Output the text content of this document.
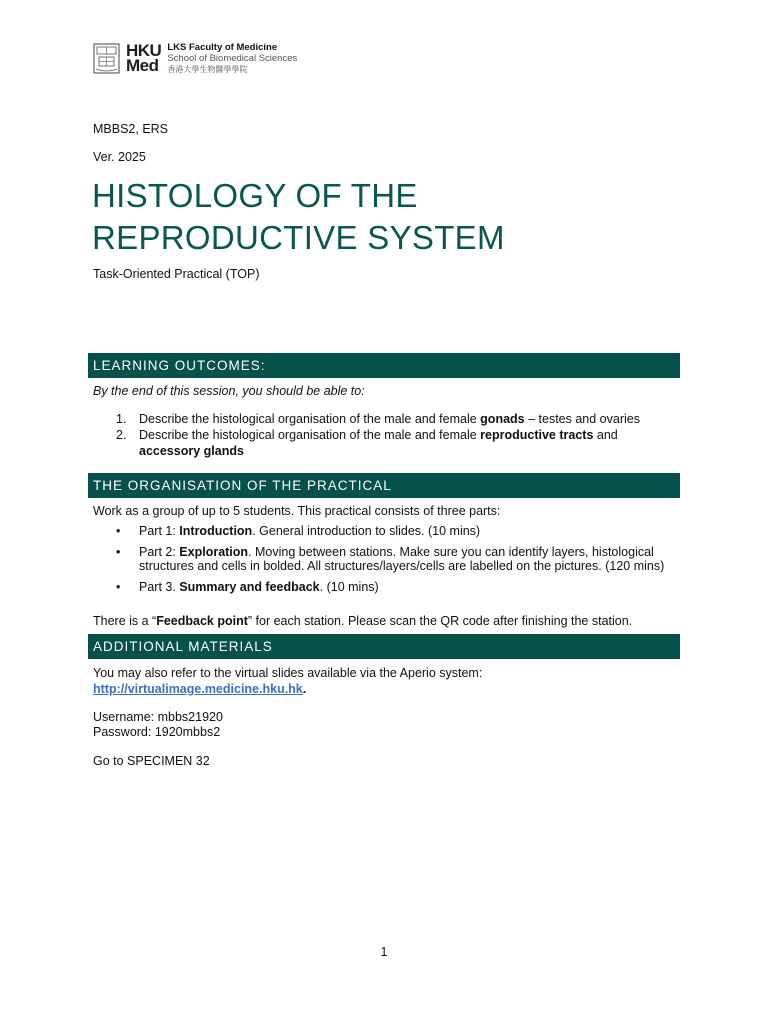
HKU
Med
LKS Faculty of Medicine
School of Biomedical Sciences
香港大學生物醫學學院
MBBS2, ERS
Ver. 2025
HISTOLOGY OF THE
REPRODUCTIVE SYSTEM
Task-Oriented Practical (TOP)
LEARNING OUTCOMES:
By the end of this session, you should be able to:
1. Describe the histological organisation of the male and female gonads – testes and ovaries
2. Describe the histological organisation of the male and female reproductive tracts and accessory glands
THE ORGANISATION OF THE PRACTICAL
Work as a group of up to 5 students. This practical consists of three parts:
• Part 1: Introduction. General introduction to slides. (10 mins)
• Part 2: Exploration. Moving between stations. Make sure you can identify layers, histological structures and cells in bolded. All structures/layers/cells are labelled on the pictures. (120 mins)
• Part 3. Summary and feedback. (10 mins)
There is a “Feedback point” for each station. Please scan the QR code after finishing the station.
ADDITIONAL MATERIALS
You may also refer to the virtual slides available via the Aperio system:
http://virtualimage.medicine.hku.hk.
Username: mbbs21920
Password: 1920mbbs2
Go to SPECIMEN 32
1
